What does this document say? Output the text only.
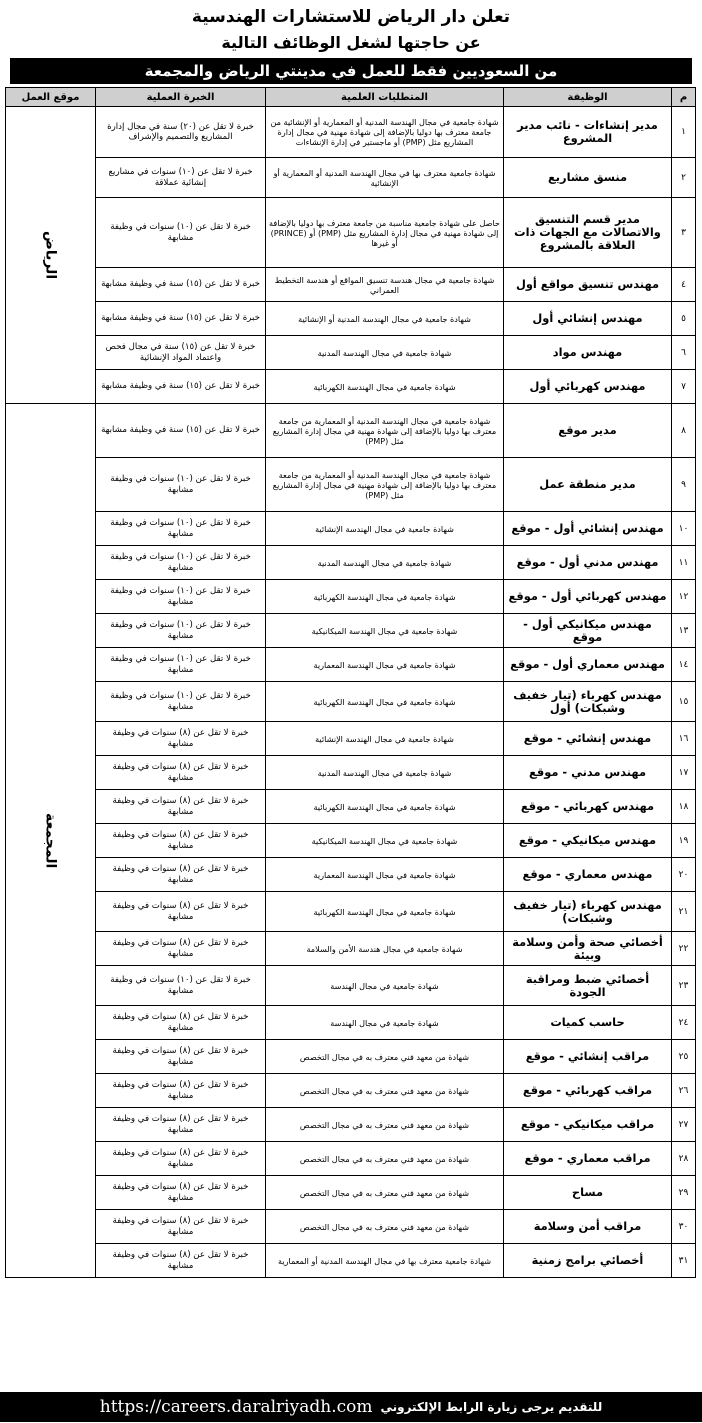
تعلن دار الرياض للاستشارات الهندسية
عن حاجتها لشغل الوظائف التالية
من السعوديين فقط للعمل في مدينتي الرياض والمجمعة
م	الوظيفة	المتطلبات العلمية	الخبرة العملية	موقع العمل
١	مدير إنشاءات - نائب مدير المشروع	شهادة جامعية في مجال الهندسة المدنية أو المعمارية أو الإنشائية من جامعة معترف بها دوليا بالإضافة إلى شهادة مهنية في مجال إدارة المشاريع مثل (PMP) أو ماجستير في إدارة الإنشاءات	خبرة لا تقل عن (٢٠) سنة في مجال إدارة المشاريع والتصميم والإشراف	الرياض
٢	منسق مشاريع	شهادة جامعية معترف بها في مجال الهندسة المدنية أو المعمارية أو الإنشائية	خبرة لا تقل عن (١٠) سنوات في مشاريع إنشائية عملاقة	
٣	مدير قسم التنسيق والاتصالات مع الجهات ذات العلاقة بالمشروع	حاصل على شهادة جامعية مناسبة من جامعة معترف بها دوليا بالإضافة إلى شهادة مهنية في مجال إدارة المشاريع مثل (PMP) أو (PRINCE) أو غيرها	خبرة لا تقل عن (١٠) سنوات في وظيفة مشابهة	
٤	مهندس تنسيق مواقع أول	شهادة جامعية في مجال هندسة تنسيق المواقع أو هندسة التخطيط العمراني	خبرة لا تقل عن (١٥) سنة في وظيفة مشابهة	
٥	مهندس إنشائي أول	شهادة جامعية في مجال الهندسة المدنية أو الإنشائية	خبرة لا تقل عن (١٥) سنة في وظيفة مشابهة	
٦	مهندس مواد	شهادة جامعية في مجال الهندسة المدنية	خبرة لا تقل عن (١٥) سنة في مجال فحص واعتماد المواد الإنشائية	
٧	مهندس كهربائي أول	شهادة جامعية في مجال الهندسة الكهربائية	خبرة لا تقل عن (١٥) سنة في وظيفة مشابهة	
٨	مدير موقع	شهادة جامعية في مجال الهندسة المدنية أو المعمارية من جامعة معترف بها دوليا بالإضافة إلى شهادة مهنية في مجال إدارة المشاريع مثل (PMP)	خبرة لا تقل عن (١٥) سنة في وظيفة مشابهة	المجمعة
٩	مدير منطقة عمل	شهادة جامعية في مجال الهندسة المدنية أو المعمارية من جامعة معترف بها دوليا بالإضافة إلى شهادة مهنية في مجال إدارة المشاريع مثل (PMP)	خبرة لا تقل عن (١٠) سنوات في وظيفة مشابهة	
١٠	مهندس إنشائي أول - موقع	شهادة جامعية في مجال الهندسة الإنشائية	خبرة لا تقل عن (١٠) سنوات في وظيفة مشابهة	
١١	مهندس مدني أول - موقع	شهادة جامعية في مجال الهندسة المدنية	خبرة لا تقل عن (١٠) سنوات في وظيفة مشابهة	
١٢	مهندس كهربائي أول - موقع	شهادة جامعية في مجال الهندسة الكهربائية	خبرة لا تقل عن (١٠) سنوات في وظيفة مشابهة	
١٣	مهندس ميكانيكي أول - موقع	شهادة جامعية في مجال الهندسة الميكانيكية	خبرة لا تقل عن (١٠) سنوات في وظيفة مشابهة	
١٤	مهندس معماري أول - موقع	شهادة جامعية في مجال الهندسة المعمارية	خبرة لا تقل عن (١٠) سنوات في وظيفة مشابهة	
١٥	مهندس كهرباء (تيار خفيف وشبكات) أول	شهادة جامعية في مجال الهندسة الكهربائية	خبرة لا تقل عن (١٠) سنوات في وظيفة مشابهة	
١٦	مهندس إنشائي - موقع	شهادة جامعية في مجال الهندسة الإنشائية	خبرة لا تقل عن (٨) سنوات في وظيفة مشابهة	
١٧	مهندس مدني - موقع	شهادة جامعية في مجال الهندسة المدنية	خبرة لا تقل عن (٨) سنوات في وظيفة مشابهة	
١٨	مهندس كهربائي - موقع	شهادة جامعية في مجال الهندسة الكهربائية	خبرة لا تقل عن (٨) سنوات في وظيفة مشابهة	
١٩	مهندس ميكانيكي - موقع	شهادة جامعية في مجال الهندسة الميكانيكية	خبرة لا تقل عن (٨) سنوات في وظيفة مشابهة	
٢٠	مهندس معماري - موقع	شهادة جامعية في مجال الهندسة المعمارية	خبرة لا تقل عن (٨) سنوات في وظيفة مشابهة	
٢١	مهندس كهرباء (تيار خفيف وشبكات)	شهادة جامعية في مجال الهندسة الكهربائية	خبرة لا تقل عن (٨) سنوات في وظيفة مشابهة	
٢٢	أخصائي صحة وأمن وسلامة وبيئة	شهادة جامعية في مجال هندسة الأمن والسلامة	خبرة لا تقل عن (٨) سنوات في وظيفة مشابهة	
٢٣	أخصائي ضبط ومراقبة الجودة	شهادة جامعية في مجال الهندسة	خبرة لا تقل عن (١٠) سنوات في وظيفة مشابهة	
٢٤	حاسب كميات	شهادة جامعية في مجال الهندسة	خبرة لا تقل عن (٨) سنوات في وظيفة مشابهة	
٢٥	مراقب إنشائي - موقع	شهادة من معهد فني معترف به في مجال التخصص	خبرة لا تقل عن (٨) سنوات في وظيفة مشابهة	
٢٦	مراقب كهربائي - موقع	شهادة من معهد فني معترف به في مجال التخصص	خبرة لا تقل عن (٨) سنوات في وظيفة مشابهة	
٢٧	مراقب ميكانيكي - موقع	شهادة من معهد فني معترف به في مجال التخصص	خبرة لا تقل عن (٨) سنوات في وظيفة مشابهة	
٢٨	مراقب معماري - موقع	شهادة من معهد فني معترف به في مجال التخصص	خبرة لا تقل عن (٨) سنوات في وظيفة مشابهة	
٢٩	مساح	شهادة من معهد فني معترف به في مجال التخصص	خبرة لا تقل عن (٨) سنوات في وظيفة مشابهة	
٣٠	مراقب أمن وسلامة	شهادة من معهد فني معترف به في مجال التخصص	خبرة لا تقل عن (٨) سنوات في وظيفة مشابهة	
٣١	أخصائي برامج زمنية	شهادة جامعية معترف بها في مجال الهندسة المدنية أو المعمارية	خبرة لا تقل عن (٨) سنوات في وظيفة مشابهة	
للتقديم يرجى زيارة الرابط الإلكتروني
https://careers.daralriyadh.com
